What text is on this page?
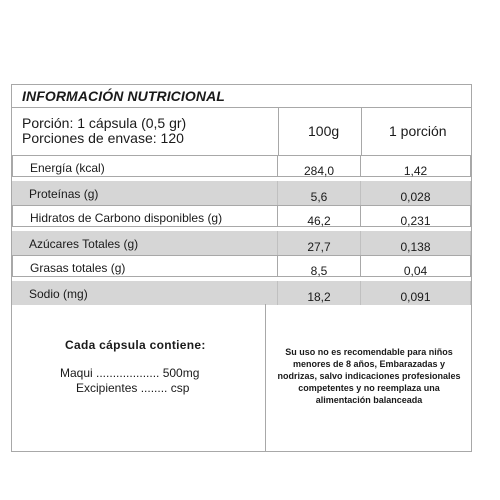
INFORMACIÓN NUTRICIONAL
Porción: 1 cápsula (0,5 gr)
Porciones de envase: 120	100g	1 porción
Energía (kcal)	284,0	1,42
Proteínas (g)	5,6	0,028
Hidratos de Carbono disponibles (g)	46,2	0,231
Azúcares Totales (g)	27,7	0,138
Grasas totales (g)	8,5	0,04
Sodio (mg)	18,2	0,091
Cada cápsula contiene:
Maqui ................... 500mg
Excipientes ........ csp
Su uso no es recomendable para niños menores de 8 años, Embarazadas y nodrizas, salvo indicaciones profesionales competentes y no reemplaza una alimentación balanceada
